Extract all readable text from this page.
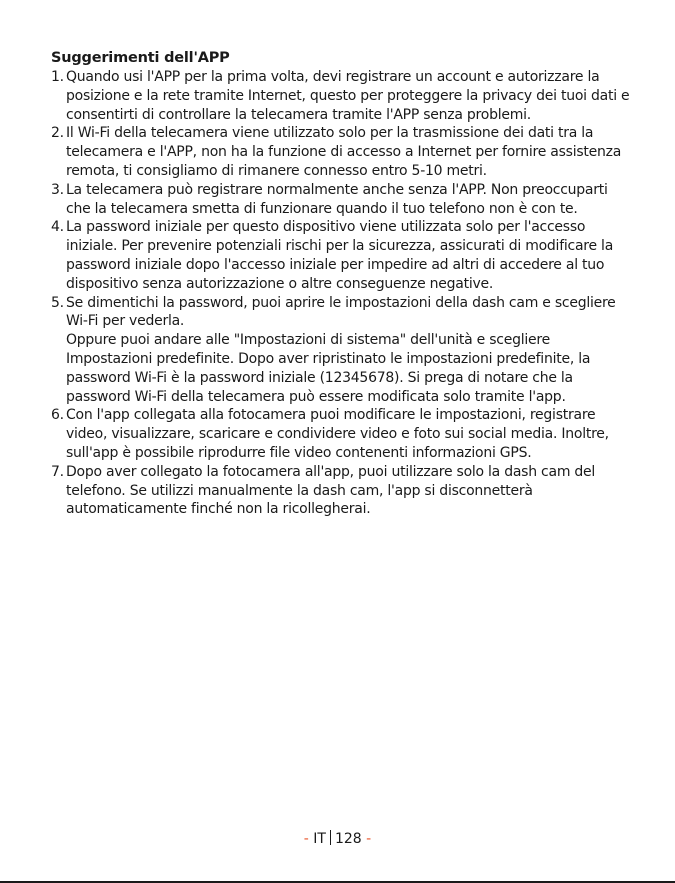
Suggerimenti dell'APP
1. Quando usi l'APP per la prima volta, devi registrare un account e autorizzare la posizione e la rete tramite Internet, questo per proteggere la privacy dei tuoi dati e consentirti di controllare la telecamera tramite l'APP senza problemi.

2. Il Wi-Fi della telecamera viene utilizzato solo per la trasmissione dei dati tra la telecamera e l'APP, non ha la funzione di accesso a Internet per fornire assistenza remota, ti consigliamo di rimanere connesso entro 5-10 metri.

3. La telecamera può registrare normalmente anche senza l'APP. Non preoccuparti che la telecamera smetta di funzionare quando il tuo telefono non è con te.

4. La password iniziale per questo dispositivo viene utilizzata solo per l'accesso iniziale. Per prevenire potenziali rischi per la sicurezza, assicurati di modificare la password iniziale dopo l'accesso iniziale per impedire ad altri di accedere al tuo dispositivo senza autorizzazione o altre conseguenze negative.

5. Se dimentichi la password, puoi aprire le impostazioni della dash cam e scegliere Wi-Fi per vederla.

Oppure puoi andare alle "Impostazioni di sistema" dell'unità e scegliere Impostazioni predefinite. Dopo aver ripristinato le impostazioni predefinite, la password Wi-Fi è la password iniziale (12345678). Si prega di notare che la password Wi-Fi della telecamera può essere modificata solo tramite l'app.

6. Con l'app collegata alla fotocamera puoi modificare le impostazioni, registrare video, visualizzare, scaricare e condividere video e foto sui social media. Inoltre, sull'app è possibile riprodurre file video contenenti informazioni GPS.

7. Dopo aver collegato la fotocamera all'app, puoi utilizzare solo la dash cam del telefono. Se utilizzi manualmente la dash cam, l'app si disconnetterà automaticamente finché non la ricollegherai.

- IT 128 -
